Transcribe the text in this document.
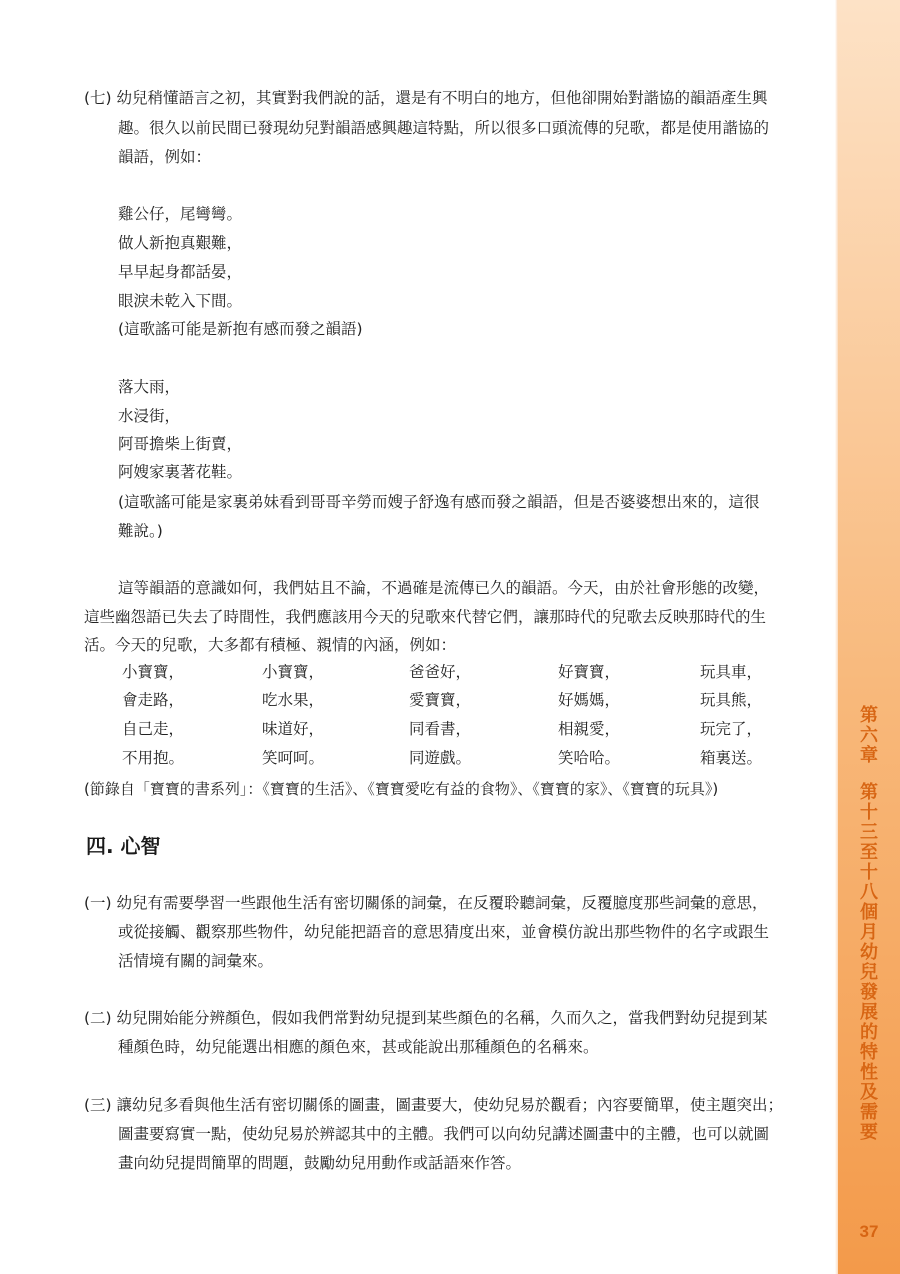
(七) 幼兒稍懂語言之初，其實對我們說的話，還是有不明白的地方，但他卻開始對諧協的韻語產生興
趣。很久以前民間已發現幼兒對韻語感興趣這特點，所以很多口頭流傳的兒歌，都是使用諧協的
韻語，例如：
雞公仔，尾彎彎。
做人新抱真艱難，
早早起身都話晏，
眼淚未乾入下間。
(這歌謠可能是新抱有感而發之韻語)
落大雨，
水浸街，
阿哥擔柴上街賣，
阿嫂家裏著花鞋。
(這歌謠可能是家裏弟妹看到哥哥辛勞而嫂子舒逸有感而發之韻語，但是否婆婆想出來的，這很
難說。)
這等韻語的意識如何，我們姑且不論，不過確是流傳已久的韻語。今天，由於社會形態的改變，
這些幽怨語已失去了時間性，我們應該用今天的兒歌來代替它們，讓那時代的兒歌去反映那時代的生
活。今天的兒歌，大多都有積極、親情的內涵，例如：
小寶寶，
會走路，
自己走，
不用抱。
小寶寶，
吃水果，
味道好，
笑呵呵。
爸爸好，
愛寶寶，
同看書，
同遊戲。
好寶寶，
好媽媽，
相親愛，
笑哈哈。
玩具車，
玩具熊，
玩完了，
箱裏送。
(節錄自「寶寶的書系列」：《寶寶的生活》、《寶寶愛吃有益的食物》、《寶寶的家》、《寶寶的玩具》)
四. 心智
(一) 幼兒有需要學習一些跟他生活有密切關係的詞彙，在反覆聆聽詞彙，反覆臆度那些詞彙的意思，
或從接觸、觀察那些物件，幼兒能把語音的意思猜度出來，並會模仿說出那些物件的名字或跟生
活情境有關的詞彙來。
(二) 幼兒開始能分辨顏色，假如我們常對幼兒提到某些顏色的名稱，久而久之，當我們對幼兒提到某
種顏色時，幼兒能選出相應的顏色來，甚或能說出那種顏色的名稱來。
(三) 讓幼兒多看與他生活有密切關係的圖畫，圖畫要大，使幼兒易於觀看；內容要簡單，使主題突出；
圖畫要寫實一點，使幼兒易於辨認其中的主體。我們可以向幼兒講述圖畫中的主體，也可以就圖
畫向幼兒提問簡單的問題，鼓勵幼兒用動作或話語來作答。
第
六
章
第
十
三
至
十
八
個
月
幼
兒
發
展
的
特
性
及
需
要
37
